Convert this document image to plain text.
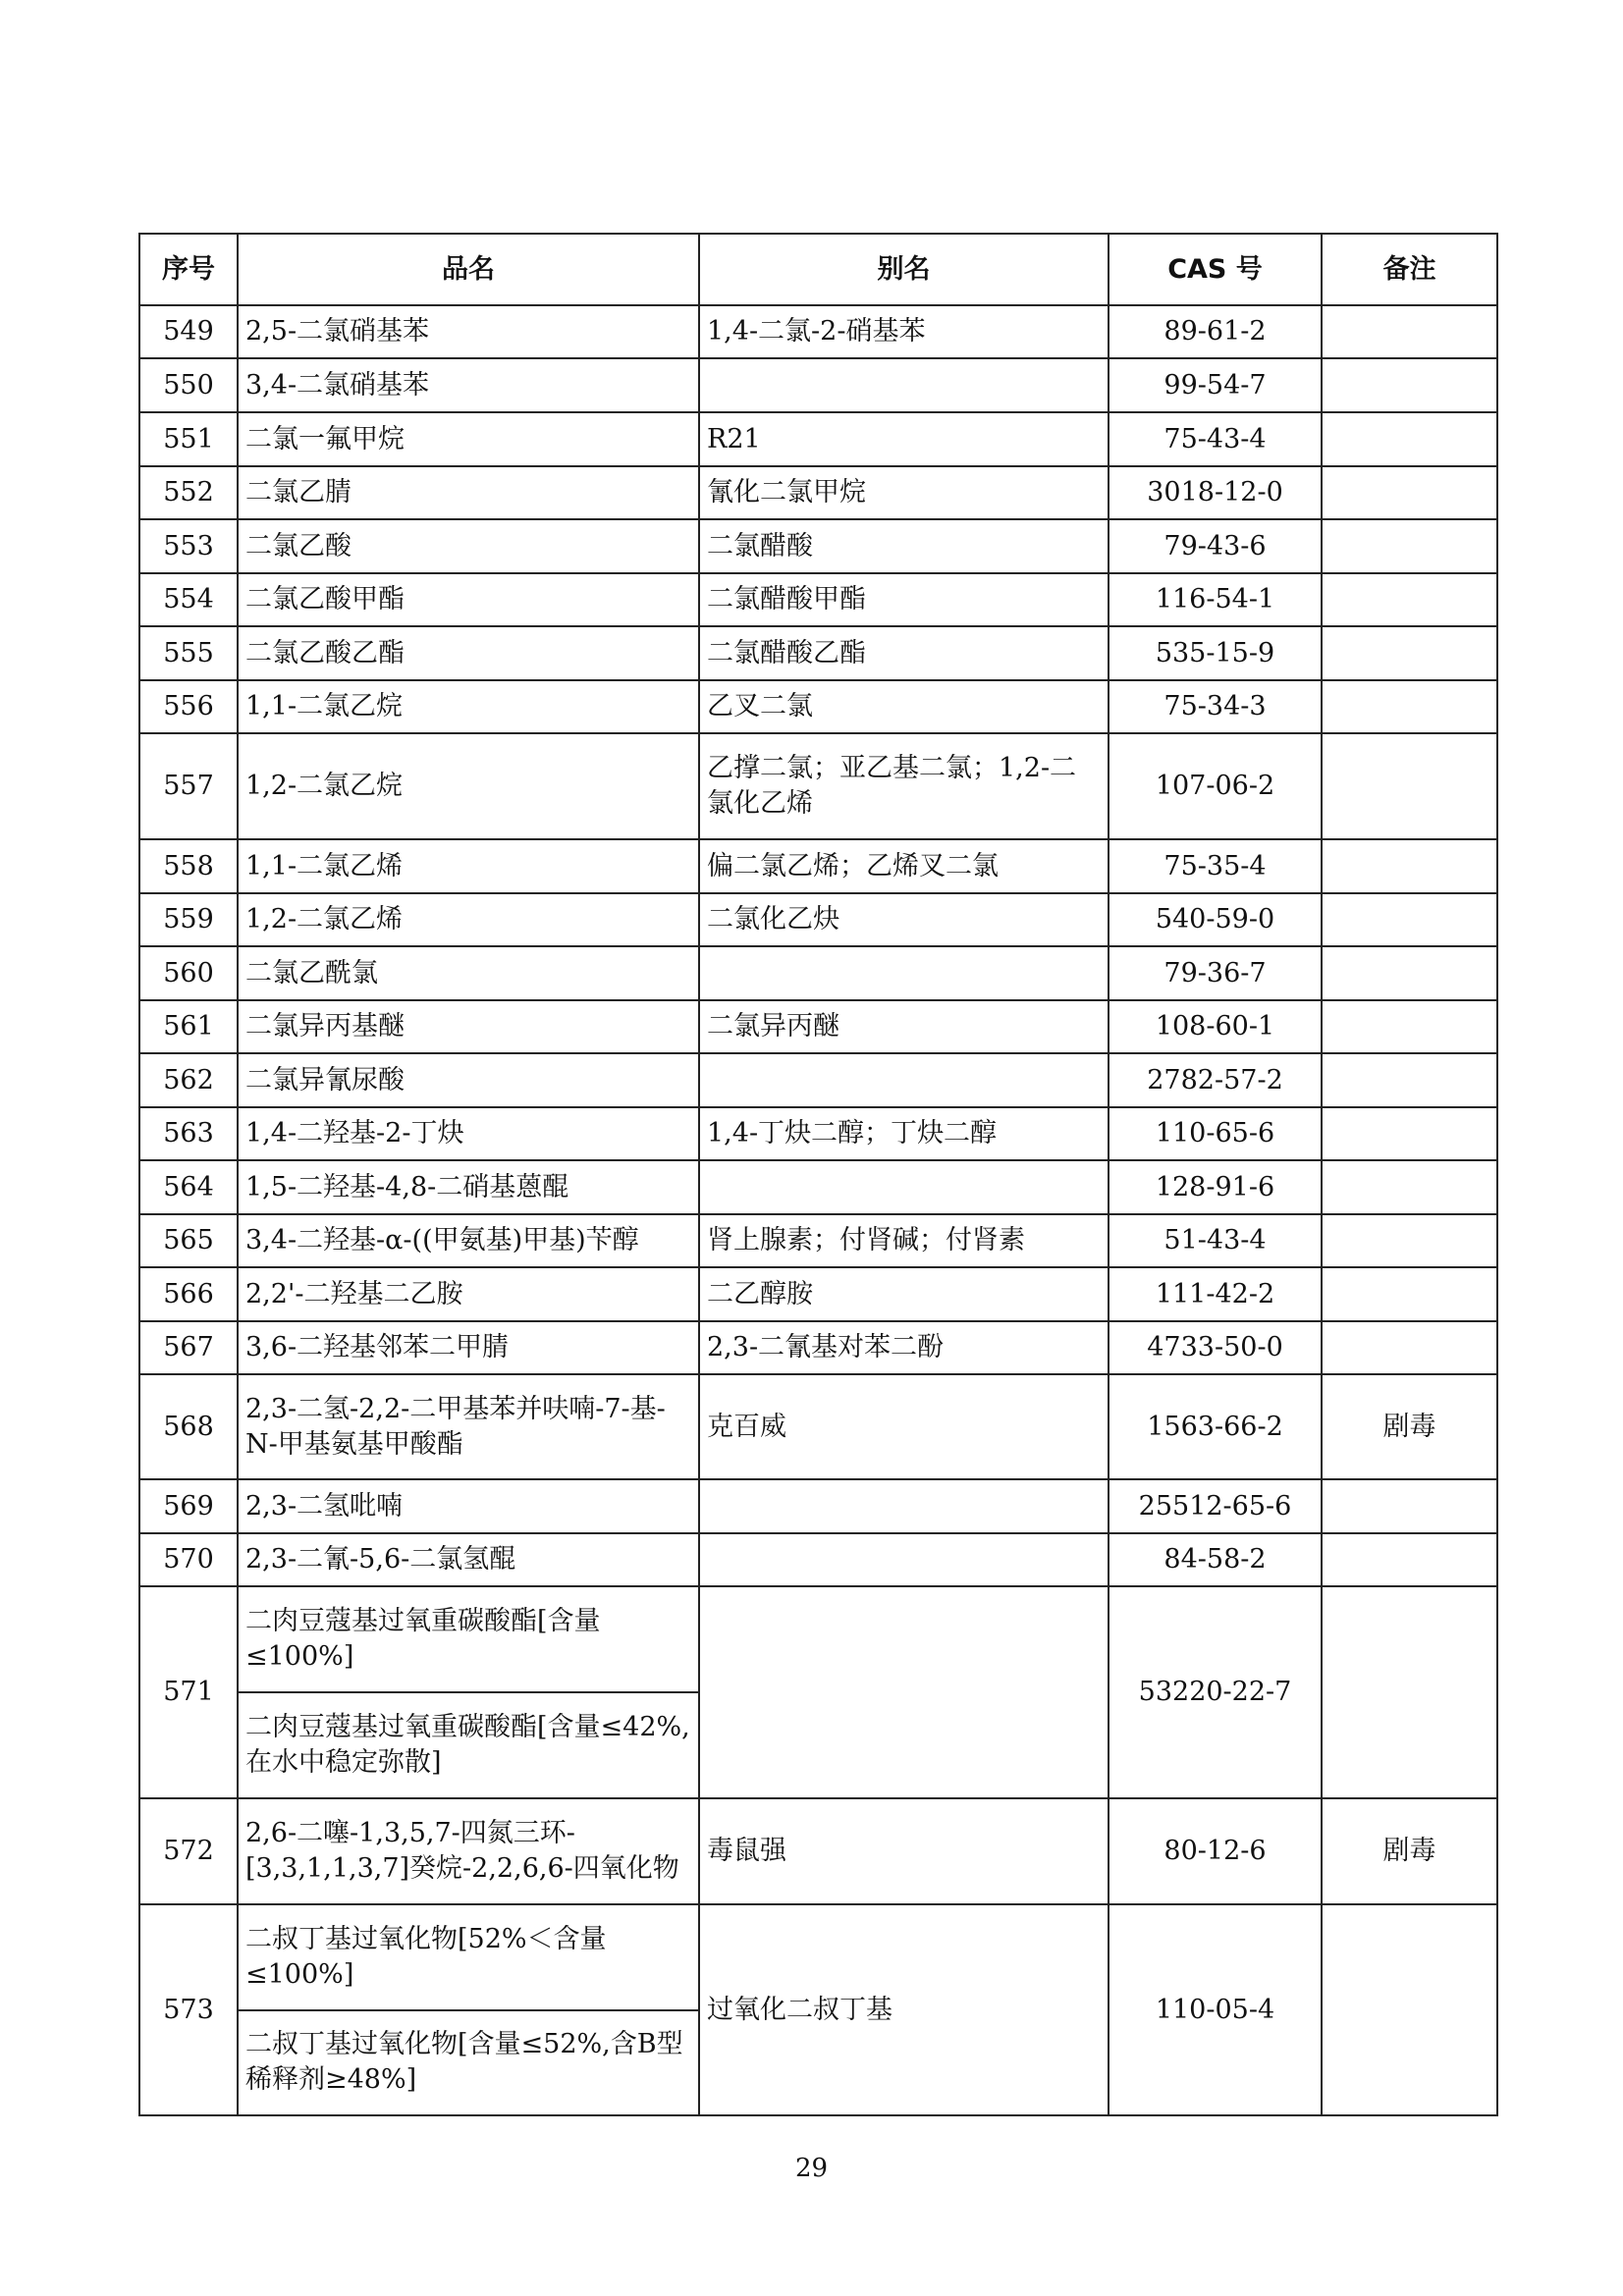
序号	品名	别名	CAS 号	备注
549	2,5-二氯硝基苯	1,4-二氯-2-硝基苯	89-61-2	
550	3,4-二氯硝基苯		99-54-7	
551	二氯一氟甲烷	R21	75-43-4	
552	二氯乙腈	氰化二氯甲烷	3018-12-0	
553	二氯乙酸	二氯醋酸	79-43-6	
554	二氯乙酸甲酯	二氯醋酸甲酯	116-54-1	
555	二氯乙酸乙酯	二氯醋酸乙酯	535-15-9	
556	1,1-二氯乙烷	乙叉二氯	75-34-3	
557	1,2-二氯乙烷	乙撑二氯；亚乙基二氯；1,2-二氯化乙烯	107-06-2	
558	1,1-二氯乙烯	偏二氯乙烯；乙烯叉二氯	75-35-4	
559	1,2-二氯乙烯	二氯化乙炔	540-59-0	
560	二氯乙酰氯		79-36-7	
561	二氯异丙基醚	二氯异丙醚	108-60-1	
562	二氯异氰尿酸		2782-57-2	
563	1,4-二羟基-2-丁炔	1,4-丁炔二醇；丁炔二醇	110-65-6	
564	1,5-二羟基-4,8-二硝基蒽醌		128-91-6	
565	3,4-二羟基-α-((甲氨基)甲基)苄醇	肾上腺素；付肾碱；付肾素	51-43-4	
566	2,2'-二羟基二乙胺	二乙醇胺	111-42-2	
567	3,6-二羟基邻苯二甲腈	2,3-二氰基对苯二酚	4733-50-0	
568	2,3-二氢-2,2-二甲基苯并呋喃-7-基-N-甲基氨基甲酸酯	克百威	1563-66-2	剧毒
569	2,3-二氢吡喃		25512-65-6	
570	2,3-二氰-5,6-二氯氢醌		84-58-2	
571	二肉豆蔻基过氧重碳酸酯[含量≤100%]		53220-22-7	
	二肉豆蔻基过氧重碳酸酯[含量≤42%,在水中稳定弥散]			
572	2,6-二噻-1,3,5,7-四氮三环-[3,3,1,1,3,7]癸烷-2,2,6,6-四氧化物	毒鼠强	80-12-6	剧毒
573	二叔丁基过氧化物[52%＜含量≤100%]	过氧化二叔丁基	110-05-4	
	二叔丁基过氧化物[含量≤52%,含B型稀释剂≥48%]			
29
